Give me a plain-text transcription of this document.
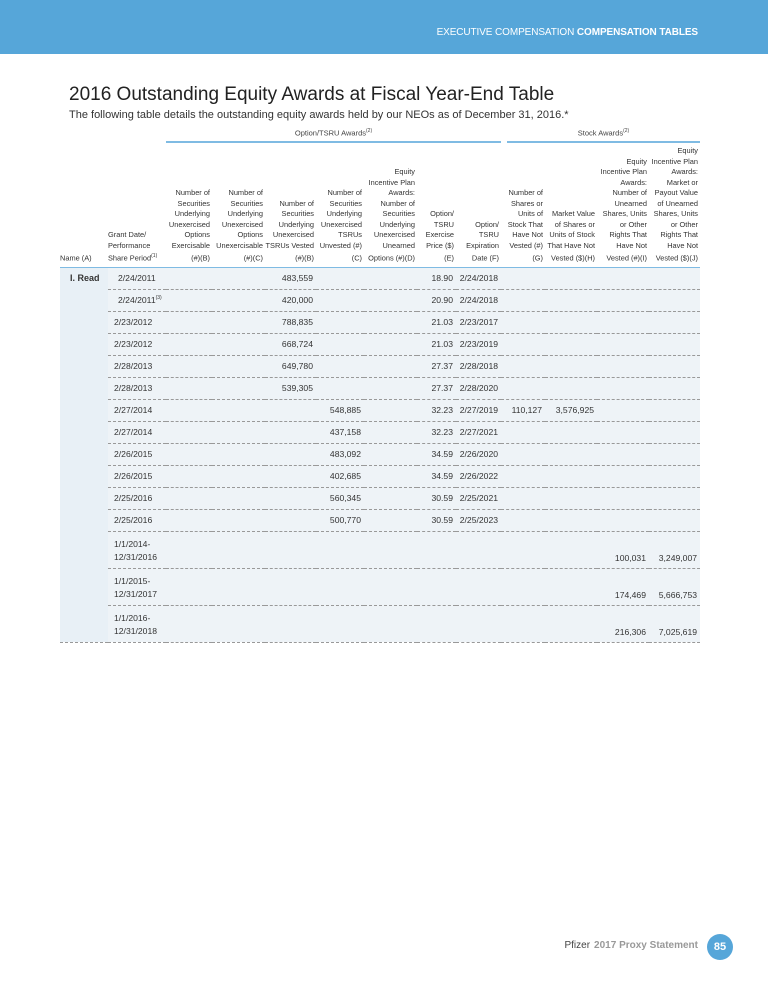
EXECUTIVE COMPENSATION COMPENSATION TABLES
2016 Outstanding Equity Awards at Fiscal Year-End Table
The following table details the outstanding equity awards held by our NEOs as of December 31, 2016.*
Option/TSRU Awards$^{(2)}$	Stock Awards$^{(2)}$
Name (A)	Grant Date/ Performance Share Period$^{(1)}$	Number of Securities Underlying Unexercised Options Exercisable (#)(B)	Number of Securities Underlying Unexercised Options Unexercisable (#)(C)	Number of Securities Underlying Unexercised TSRUs Vested (#)(B)	Number of Securities Underlying Unexercised TSRUs Unvested (#)(C)	Equity Incentive Plan Awards: Number of Securities Underlying Unexercised Unearned Options (#)(D)	Option/ TSRU Exercise Price ($)(E)	Option/ TSRU Expiration Date (F)	Number of Shares or Units of Stock That Have Not Vested (#)(G)	Market Value of Shares or Units of Stock That Have Not Vested ($)(H)	Equity Incentive Plan Awards: Number of Unearned Shares, Units or Other Rights That Have Not Vested (#)(I)	Equity Incentive Plan Awards: Market or Payout Value of Unearned Shares, Units or Other Rights That Have Not Vested ($)(J)
I. Read	2/24/2011			483,559			18.90	2/24/2018				
	2/24/2011$^{(3)}$			420,000			20.90	2/24/2018				
	2/23/2012			788,835			21.03	2/23/2017				
	2/23/2012			668,724			21.03	2/23/2019				
	2/28/2013			649,780			27.37	2/28/2018				
	2/28/2013			539,305			27.37	2/28/2020				
	2/27/2014				548,885		32.23	2/27/2019	110,127	3,576,925		
	2/27/2014				437,158		32.23	2/27/2021				
	2/26/2015				483,092		34.59	2/26/2020				
	2/26/2015				402,685		34.59	2/26/2022				
	2/25/2016				560,345		30.59	2/25/2021				
	2/25/2016				500,770		30.59	2/25/2023				
	1/1/2014- 12/31/2016										100,031	3,249,007
	1/1/2015- 12/31/2017										174,469	5,666,753
	1/1/2016- 12/31/2018										216,306	7,025,619
Pfizer 2017 Proxy Statement	85
